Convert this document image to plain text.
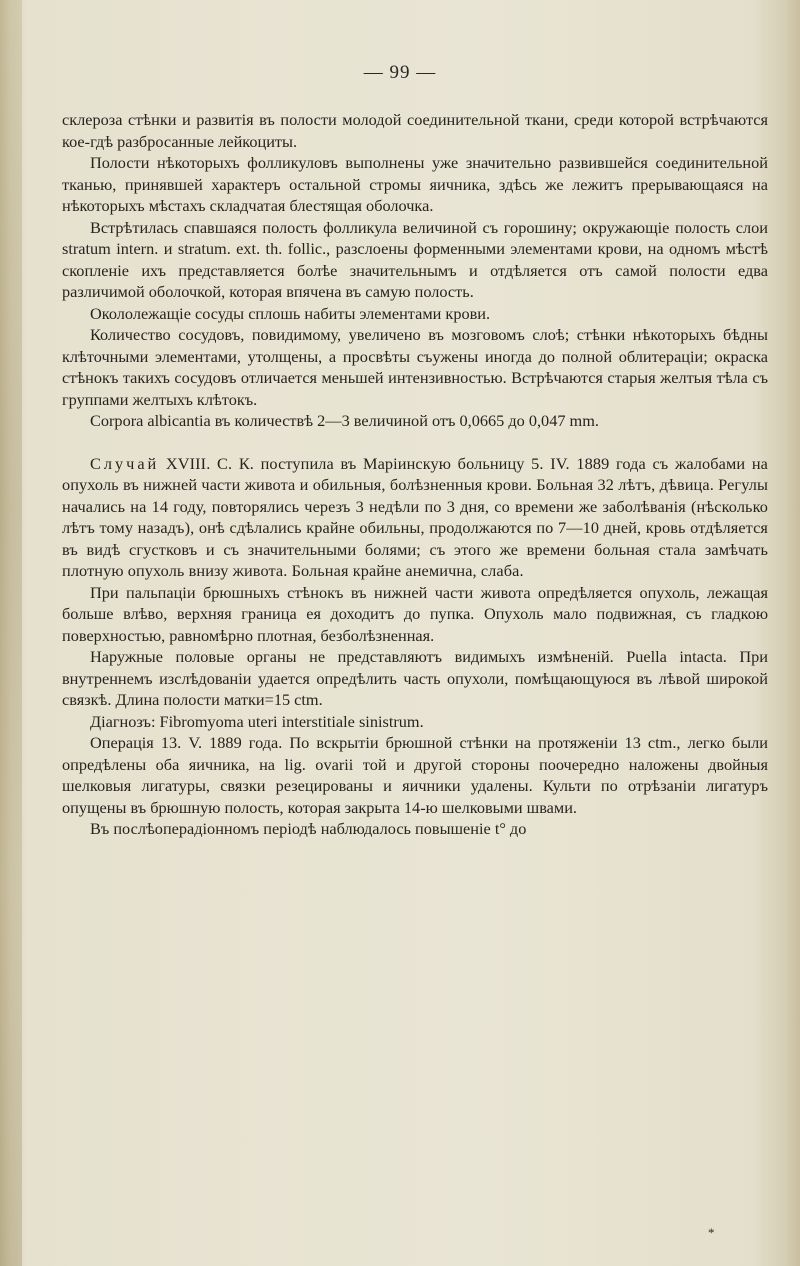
— 99 —

склероза стѣнки и развитія въ полости молодой соединительной ткани, среди которой встрѣчаются кое-гдѣ разбросанные лейкоциты.

Полости нѣкоторыхъ фолликуловъ выполнены уже значительно развившейся соединительной тканью, принявшей характеръ остальной стромы яичника, здѣсь же лежитъ прерывающаяся на нѣкоторыхъ мѣстахъ складчатая блестящая оболочка.

Встрѣтилась спавшаяся полость фолликула величиной съ горошину; окружающіе полость слои stratum intern. и stratum. ext. th. follic., разслоены форменными элементами крови, на одномъ мѣстѣ скопленіе ихъ представляется болѣе значительнымъ и отдѣляется отъ самой полости едва различимой оболочкой, которая впячена въ самую полость.

Окололежащіе сосуды сплошь набиты элементами крови.

Количество сосудовъ, повидимому, увеличено въ мозговомъ слоѣ; стѣнки нѣкоторыхъ бѣдны клѣточными элементами, утолщены, а просвѣты съужены иногда до полной облитераціи; окраска стѣнокъ такихъ сосудовъ отличается меньшей интензивностью. Встрѣчаются старыя желтыя тѣла съ группами желтыхъ клѣтокъ.

Corpora albicantia въ количествѣ 2—3 величиной отъ 0,0665 до 0,047 mm.

Случай XVIII. С. К. поступила въ Маріинскую больницу 5. IV. 1889 года съ жалобами на опухоль въ нижней части живота и обильныя, болѣзненныя крови. Больная 32 лѣтъ, дѣвица. Регулы начались на 14 году, повторялись черезъ 3 недѣли по 3 дня, со времени же заболѣванія (нѣсколько лѣтъ тому назадъ), онѣ сдѣлались крайне обильны, продолжаются по 7—10 дней, кровь отдѣляется въ видѣ сгустковъ и съ значительными болями; съ этого же времени больная стала замѣчать плотную опухоль внизу живота. Больная крайне анемична, слаба.

При пальпаціи брюшныхъ стѣнокъ въ нижней части живота опредѣляется опухоль, лежащая больше влѣво, верхняя граница ея доходитъ до пупка. Опухоль мало подвижная, съ гладкою поверхностью, равномѣрно плотная, безболѣзненная.

Наружные половые органы не представляютъ видимыхъ измѣненій. Puella intacta. При внутреннемъ изслѣдованіи удается опредѣлить часть опухоли, помѣщающуюся въ лѣвой широкой связкѣ. Длина полости матки=15 ctm.

Діагнозъ: Fibromyoma uteri interstitiale sinistrum.

Операція 13. V. 1889 года. По вскрытіи брюшной стѣнки на протяженіи 13 ctm., легко были опредѣлены оба яичника, на lig. ovarii той и другой стороны поочередно наложены двойныя шелковыя лигатуры, связки резецированы и яичники удалены. Культи по отрѣзаніи лигатуръ опущены въ брюшную полость, которая закрыта 14-ю шелковыми швами.

Въ послѣоперадіонномъ періодѣ наблюдалось повышеніе t° до

*
